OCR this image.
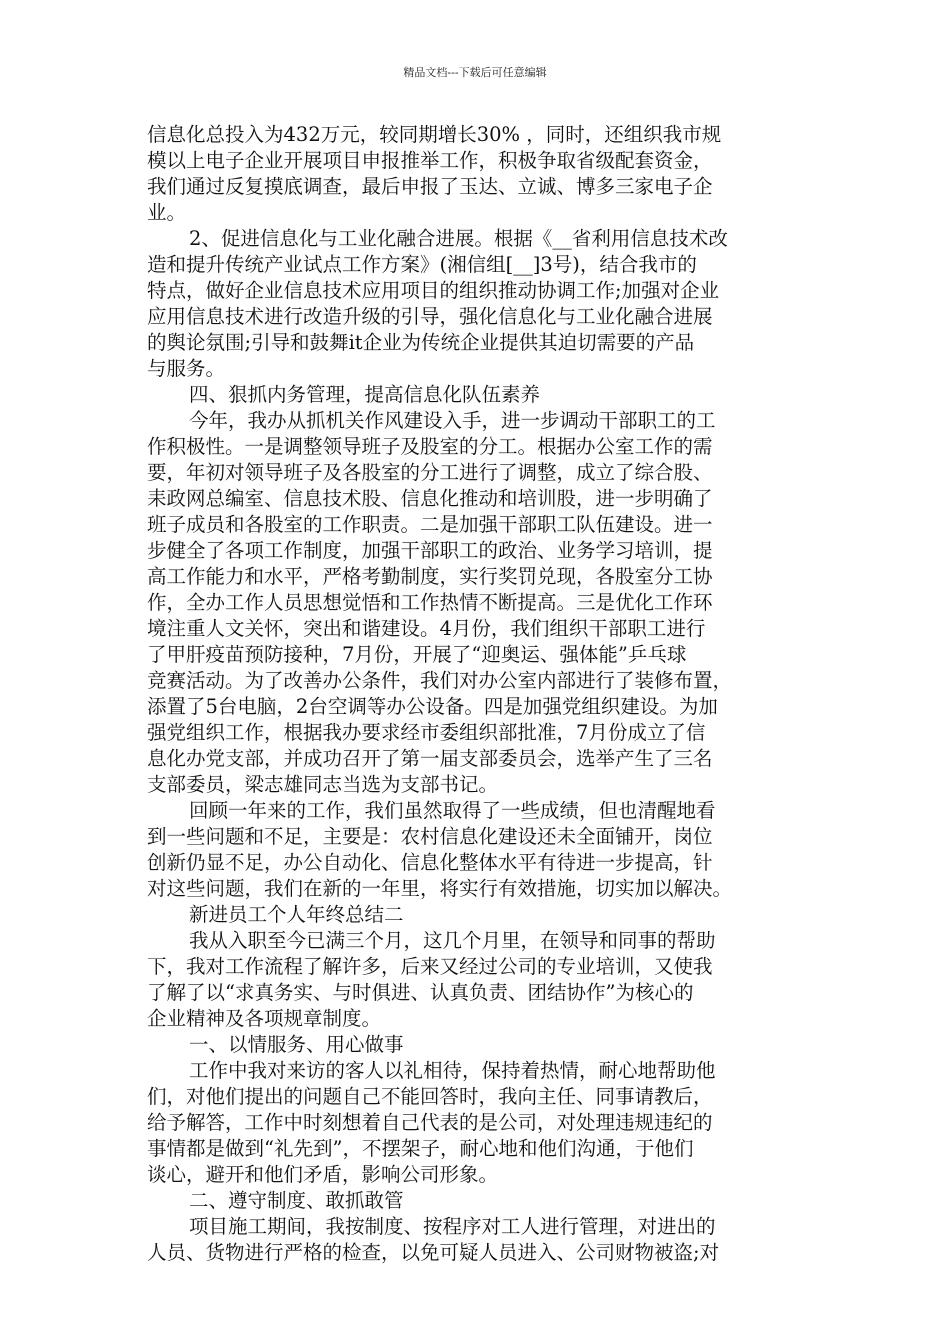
精品文档---下载后可任意编辑
信息化总投入为432万元，较同期增长30% ，同时，还组织我市规
模以上电子企业开展项目申报推举工作，积极争取省级配套资金，
我们通过反复摸底调查，最后申报了玉达、立诚、博多三家电子企
业。
2、促进信息化与工业化融合进展。根据《__省利用信息技术改
造和提升传统产业试点工作方案》(湘信组[__]3号)，结合我市的
特点，做好企业信息技术应用项目的组织推动协调工作;加强对企业
应用信息技术进行改造升级的引导，强化信息化与工业化融合进展
的舆论氛围;引导和鼓舞it企业为传统企业提供其迫切需要的产品
与服务。
四、狠抓内务管理，提高信息化队伍素养
今年，我办从抓机关作风建设入手，进一步调动干部职工的工
作积极性。一是调整领导班子及股室的分工。根据办公室工作的需
要，年初对领导班子及各股室的分工进行了调整，成立了综合股、
耒政网总编室、信息技术股、信息化推动和培训股，进一步明确了
班子成员和各股室的工作职责。二是加强干部职工队伍建设。进一
步健全了各项工作制度，加强干部职工的政治、业务学习培训，提
高工作能力和水平，严格考勤制度，实行奖罚兑现，各股室分工协
作，全办工作人员思想觉悟和工作热情不断提高。三是优化工作环
境注重人文关怀，突出和谐建设。4月份，我们组织干部职工进行
了甲肝疫苗预防接种，7月份，开展了“迎奥运、强体能”乒乓球
竞赛活动。为了改善办公条件，我们对办公室内部进行了装修布置，
添置了5台电脑，2台空调等办公设备。四是加强党组织建设。为加
强党组织工作，根据我办要求经市委组织部批准，7月份成立了信
息化办党支部，并成功召开了第一届支部委员会，选举产生了三名
支部委员，梁志雄同志当选为支部书记。
回顾一年来的工作，我们虽然取得了一些成绩，但也清醒地看
到一些问题和不足，主要是：农村信息化建设还未全面铺开，岗位
创新仍显不足，办公自动化、信息化整体水平有待进一步提高，针
对这些问题，我们在新的一年里，将实行有效措施，切实加以解决。
新进员工个人年终总结二
我从入职至今已满三个月，这几个月里，在领导和同事的帮助
下，我对工作流程了解许多，后来又经过公司的专业培训，又使我
了解了以“求真务实、与时俱进、认真负责、团结协作”为核心的
企业精神及各项规章制度。
一、以情服务、用心做事
工作中我对来访的客人以礼相待，保持着热情，耐心地帮助他
们，对他们提出的问题自己不能回答时，我向主任、同事请教后，
给予解答，工作中时刻想着自己代表的是公司，对处理违规违纪的
事情都是做到“礼先到”，不摆架子，耐心地和他们沟通，于他们
谈心，避开和他们矛盾，影响公司形象。
二、遵守制度、敢抓敢管
项目施工期间，我按制度、按程序对工人进行管理，对进出的
人员、货物进行严格的检查，以免可疑人员进入、公司财物被盗;对
